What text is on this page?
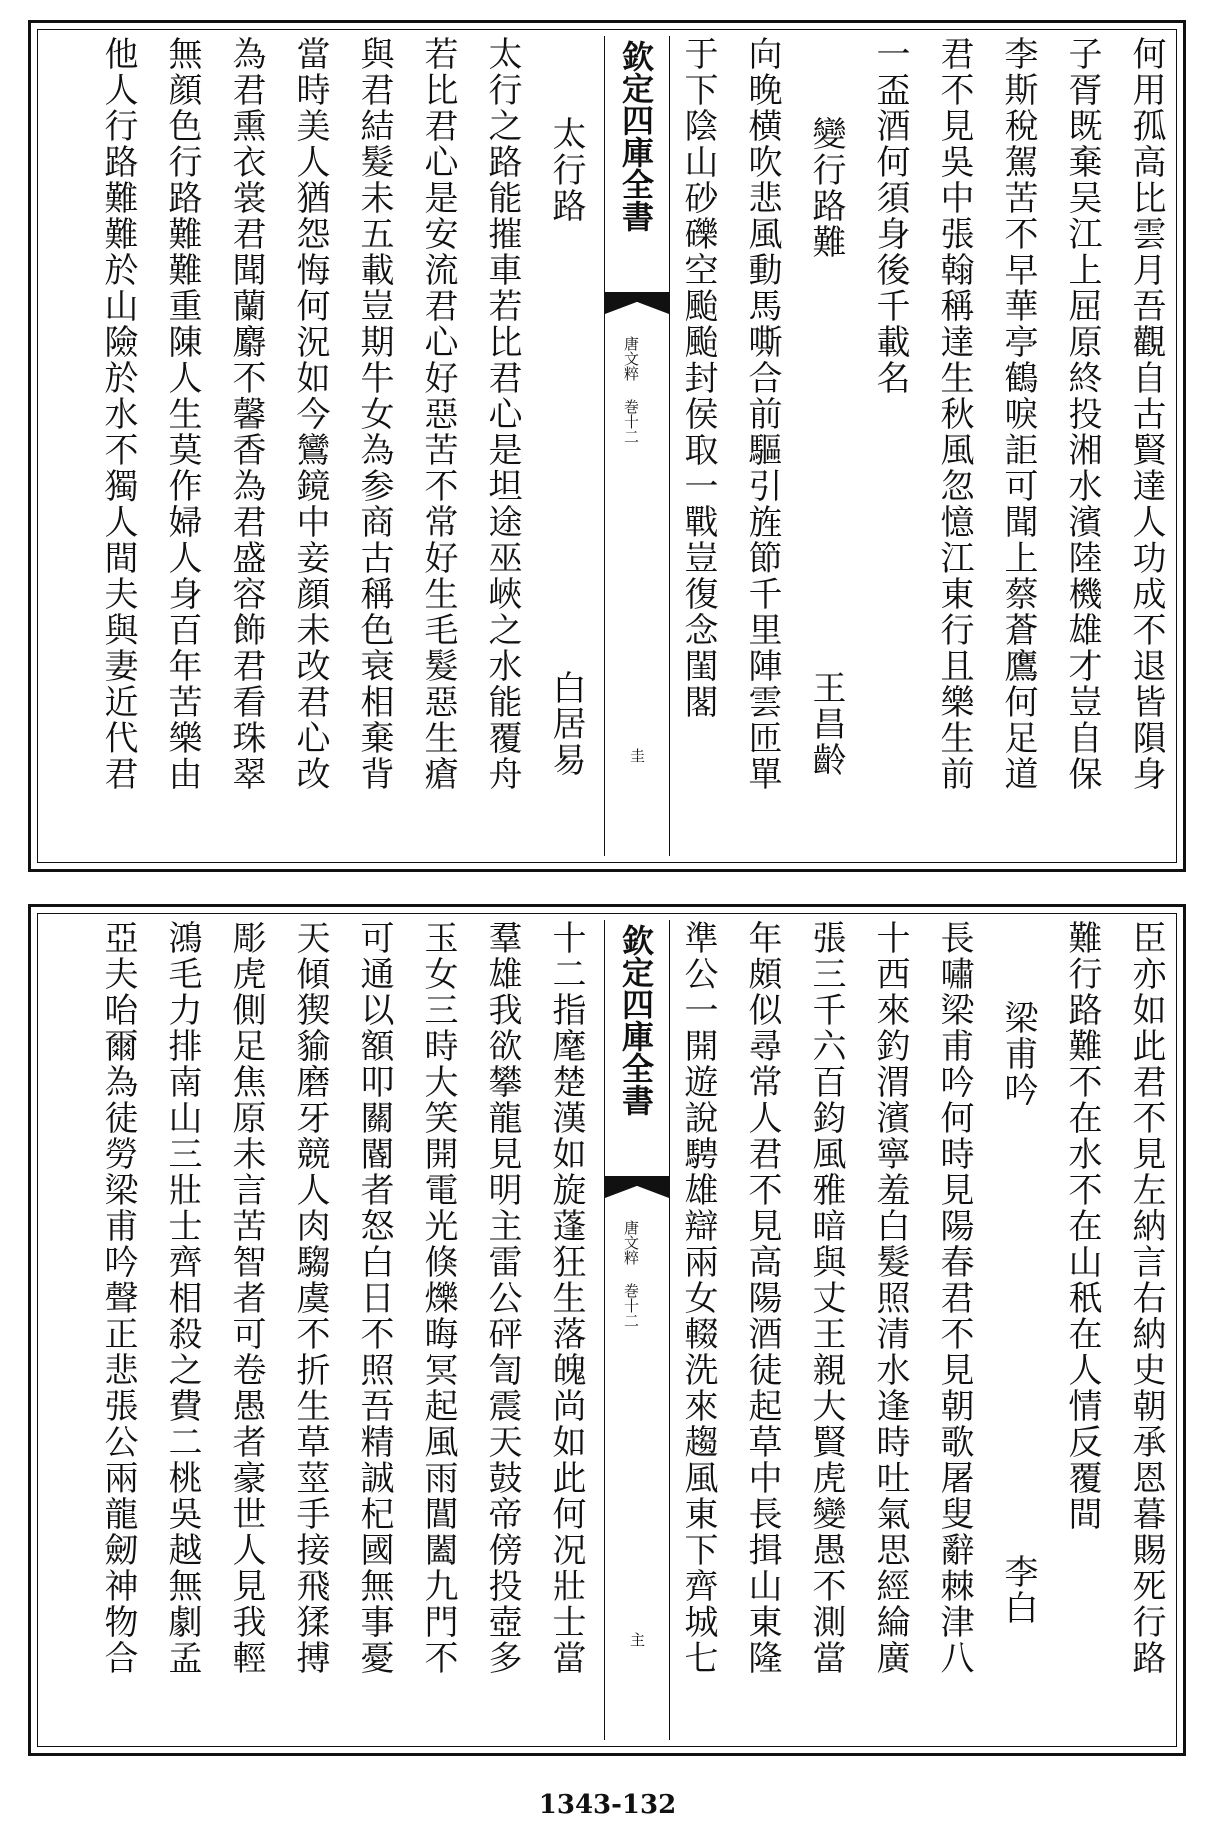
何用孤高比雲月吾觀自古賢達人功成不退皆隕身
子胥既棄吴江上屈原終投湘水濱陸機雄才豈自保
李斯稅駕苦不早華亭鶴唳詎可聞上蔡蒼鷹何足道
君不見吳中張翰稱達生秋風忽憶江東行且樂生前
一盃酒何須身後千載名
變行路難
王昌齡
向晚横吹悲風動馬嘶合前驅引旌節千里陣雲匝單
于下陰山砂礫空颱颱封侯取一戰豈復念閨閣
欽定四庫全書
唐文粹 巻十二
圭
太行路
白居易
太行之路能摧車若比君心是坦途巫峽之水能覆舟
若比君心是安流君心好惡苦不常好生毛髮惡生瘡
與君結髮未五載豈期牛女為参商古稱色衰相棄背
當時美人猶怨悔何況如今鸞鏡中妾顔未改君心改
為君熏衣裳君聞蘭麝不馨香為君盛容飾君看珠翠
無顔色行路難難重陳人生莫作婦人身百年苦樂由
他人行路難難於山險於水不獨人間夫與妻近代君
臣亦如此君不見左納言右納史朝承恩暮賜死行路
難行路難不在水不在山秖在人情反覆間
梁甫吟
李白
長嘯梁甫吟何時見陽春君不見朝歌屠叟辭棘津八
十西來釣渭濱寧羞白髮照清水逢時吐氣思經綸廣
張三千六百鈞風雅暗與丈王親大賢虎變愚不測當
年頗似尋常人君不見高陽酒徒起草中長揖山東隆
準公一開遊說騁雄辯兩女輟洗來趨風東下齊城七
欽定四庫全書
唐文粹 巻十二
主
十二指麾楚漢如旋蓬狂生落魄尚如此何况壯士當
羣雄我欲攀龍見明主雷公砰訇震天鼓帝傍投壺多
玉女三時大笑開電光倏爍晦冥起風雨閶闔九門不
可通以額叩關閽者怒白日不照吾精誠杞國無事憂
天傾猰貐磨牙競人肉騶虞不折生草莖手接飛猱搏
彫虎側足焦原未言苦智者可卷愚者豪世人見我輕
鴻毛力排南山三壯士齊相殺之費二桃吳越無劇孟
亞夫咍爾為徒勞梁甫吟聲正悲張公兩龍劒神物合
1343-132
